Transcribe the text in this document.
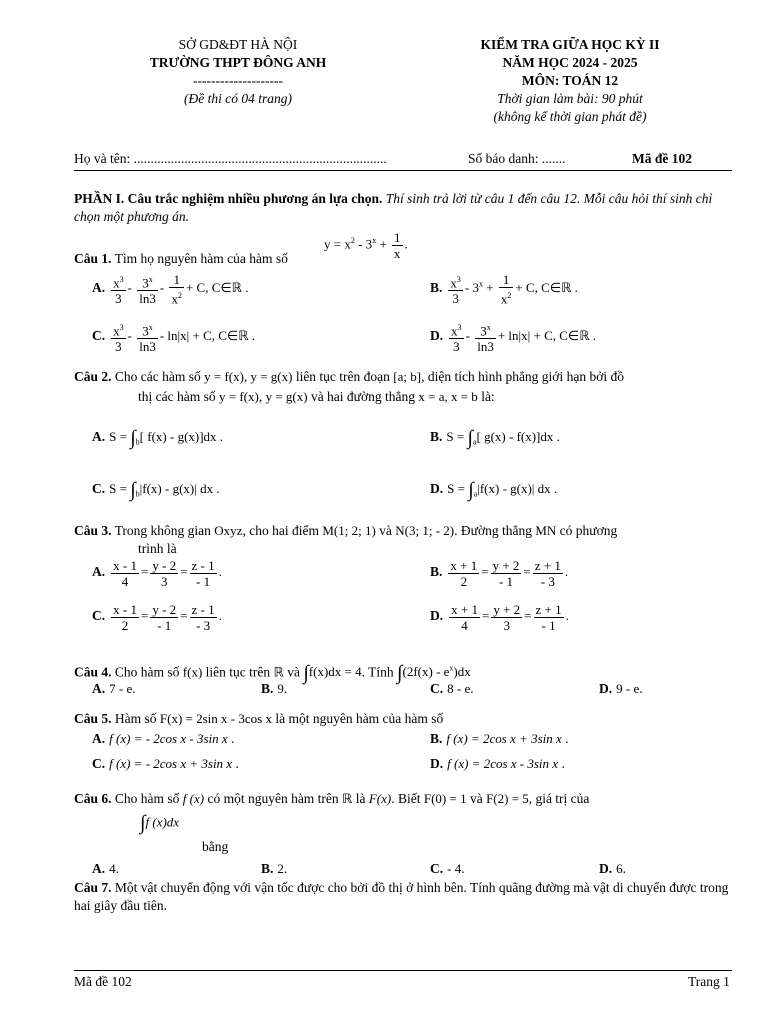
SỞ GD&ĐT HÀ NỘI
TRƯỜNG THPT ĐÔNG ANH
--------------------
(Đề thi có 04 trang)
KIỂM TRA GIỮA HỌC KỲ II
NĂM HỌC 2024 - 2025
MÔN: TOÁN 12
Thời gian làm bài: 90 phút
(không kể thời gian phát đề)
Họ và tên: ...........................................................................	Số báo danh: .......	Mã đề 102
PHẦN I. Câu trắc nghiệm nhiều phương án lựa chọn. Thí sinh trả lời từ câu 1 đến câu 12. Mỗi câu hỏi thí sinh chỉ chọn một phương án.
Câu 1. Tìm họ nguyên hàm của hàm số
$y = x^2 - 3^x + \frac{1}{x}$ .
A. $\frac{x^3}{3} - \frac{3^x}{\ln 3} - \frac{1}{x^2} + C$, C∈ℝ .	B. $\frac{x^3}{3} - 3^x + \frac{1}{x^2} + C$, C∈ℝ .
C. $\frac{x^3}{3} - \frac{3^x}{\ln 3} - \ln|x| + C$, C∈ℝ .	D. $\frac{x^3}{3} - \frac{3^x}{\ln 3} + \ln|x| + C$, C∈ℝ .
Câu 2. Cho các hàm số y = f(x), y = g(x) liên tục trên đoạn [a; b], diện tích hình phẳng giới hạn bởi đồ
thị các hàm số y = f(x), y = g(x) và hai đường thẳng x = a, x = b là:
A. $S = \int_b$[ f(x) - g(x)]dx .	B. $S = \int_a$[ g(x) - f(x)]dx .
C. $S = \int_b|f(x) - g(x)|$ dx .	D. $S = \int_a|f(x) - g(x)|$ dx .
Câu 3. Trong không gian Oxyz, cho hai điểm M(1; 2; 1) và N(3; 1; - 2). Đường thẳng MN có phương
trình là
A. $\frac{x - 1}{4} = \frac{y - 2}{3} = \frac{z - 1}{- 1}$ .	B. $\frac{x + 1}{2} = \frac{y + 2}{- 1} = \frac{z + 1}{- 3}$ .
C. $\frac{x - 1}{2} = \frac{y - 2}{- 1} = \frac{z - 1}{- 3}$ .	D. $\frac{x + 1}{4} = \frac{y + 2}{3} = \frac{z + 1}{- 1}$ .
Câu 4. Cho hàm số f(x) liên tục trên ℝ và ∫f(x)dx = 4. Tính $\int(2f(x) - e^x)dx$
A. 7 - e.	B. 9.	C. 8 - e.	D. 9 - e.
Câu 5. Hàm số F(x) = 2sin x - 3cos x là một nguyên hàm của hàm số
A. f (x) = - 2cos x - 3sin x .	B. f (x) = 2cos x + 3sin x .
C. f (x) = - 2cos x + 3sin x .	D. f (x) = 2cos x - 3sin x .
Câu 6. Cho hàm số f (x) có một nguyên hàm trên ℝ là F(x). Biết F(0) = 1 và F(2) = 5, giá trị của
∫f (x)dx
bằng
A. 4.	B. 2.	C. - 4.	D. 6.
Câu 7. Một vật chuyển động với vận tốc được cho bởi đồ thị ở hình bên. Tính quãng đường mà vật di chuyển được trong hai giây đầu tiên.
Mã đề 102	Trang 1
